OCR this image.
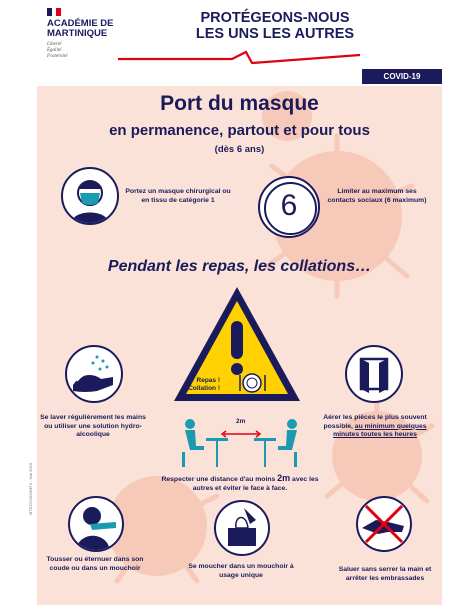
ACADÉMIE DE MARTINIQUE
Liberté
Égalité
Fraternité
PROTÉGEONS-NOUS
LES UNS LES AUTRES
COVID-19
Port du masque
en permanence, partout et pour tous
(dès 6 ans)
Portez un masque chirurgical ou en tissu de catégorie 1	6	Limiter au maximum ses contacts sociaux (6 maximum)
Pendant les repas, les collations…
Repas !
Collation !
Se laver régulièrement les mains ou utiliser une solution hydro-alcoolique
Aérer les pièces le plus souvent possible, au minimum quelques minutes toutes les heures
2m
Respecter une distance d'au moins 2m avec les autres et éviter le face à face.
Tousser ou éternuer dans son coude ou dans un mouchoir	Se moucher dans un mouchoir à usage unique
Saluer sans serrer la main et arrêter les embrassades
MTECOVIDMHF4 - Mai 2020
